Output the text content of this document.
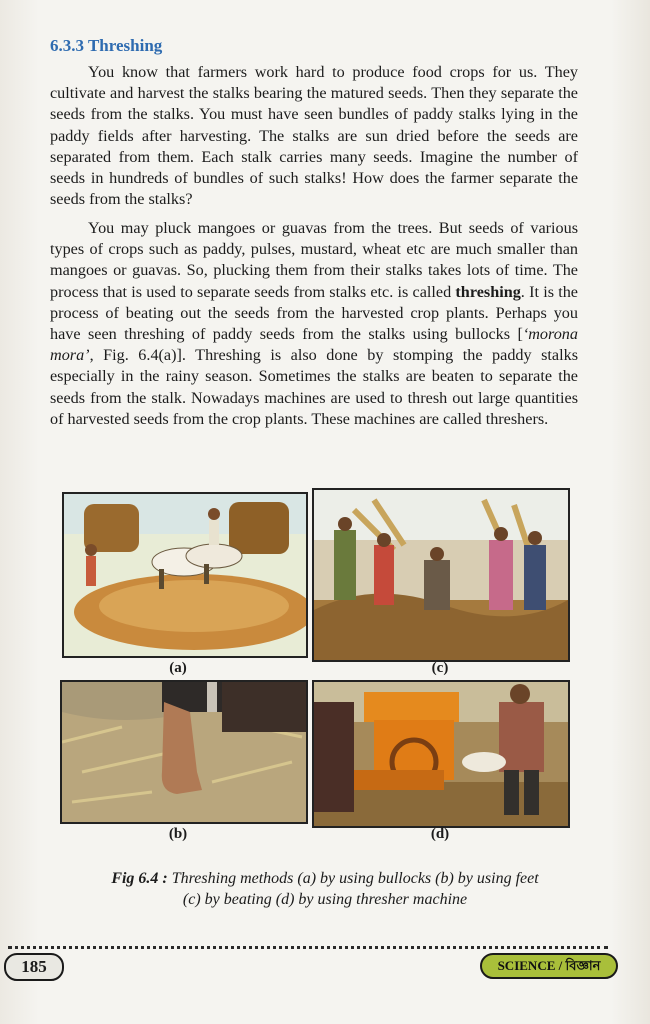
6.3.3 Threshing

You know that farmers work hard to produce food crops for us. They cultivate and harvest the stalks bearing the matured seeds. Then they separate the seeds from the stalks. You must have seen bundles of paddy stalks lying in the paddy fields after harvesting. The stalks are sun dried before the seeds are separated from them. Each stalk carries many seeds. Imagine the number of seeds in hundreds of bundles of such stalks! How does the farmer separate the seeds from the stalks?

You may pluck mangoes or guavas from the trees. But seeds of various types of crops such as paddy, pulses, mustard, wheat etc are much smaller than mangoes or guavas. So, plucking them from their stalks takes lots of time. The process that is used to separate seeds from stalks etc. is called threshing. It is the process of beating out the seeds from the harvested crop plants. Perhaps you have seen threshing of paddy seeds from the stalks using bullocks [‘morona mora’, Fig. 6.4(a)]. Threshing is also done by stomping the paddy stalks especially in the rainy season. Sometimes the stalks are beaten to separate the seeds from the stalk. Nowadays machines are used to thresh out large quantities of harvested seeds from the crop plants. These machines are called threshers.

(a)	(c)
(b)	(d)
Fig 6.4 : Threshing methods (a) by using bullocks (b) by using feet
(c) by beating (d) by using thresher machine
185	SCIENCE / বিজ্ঞান
